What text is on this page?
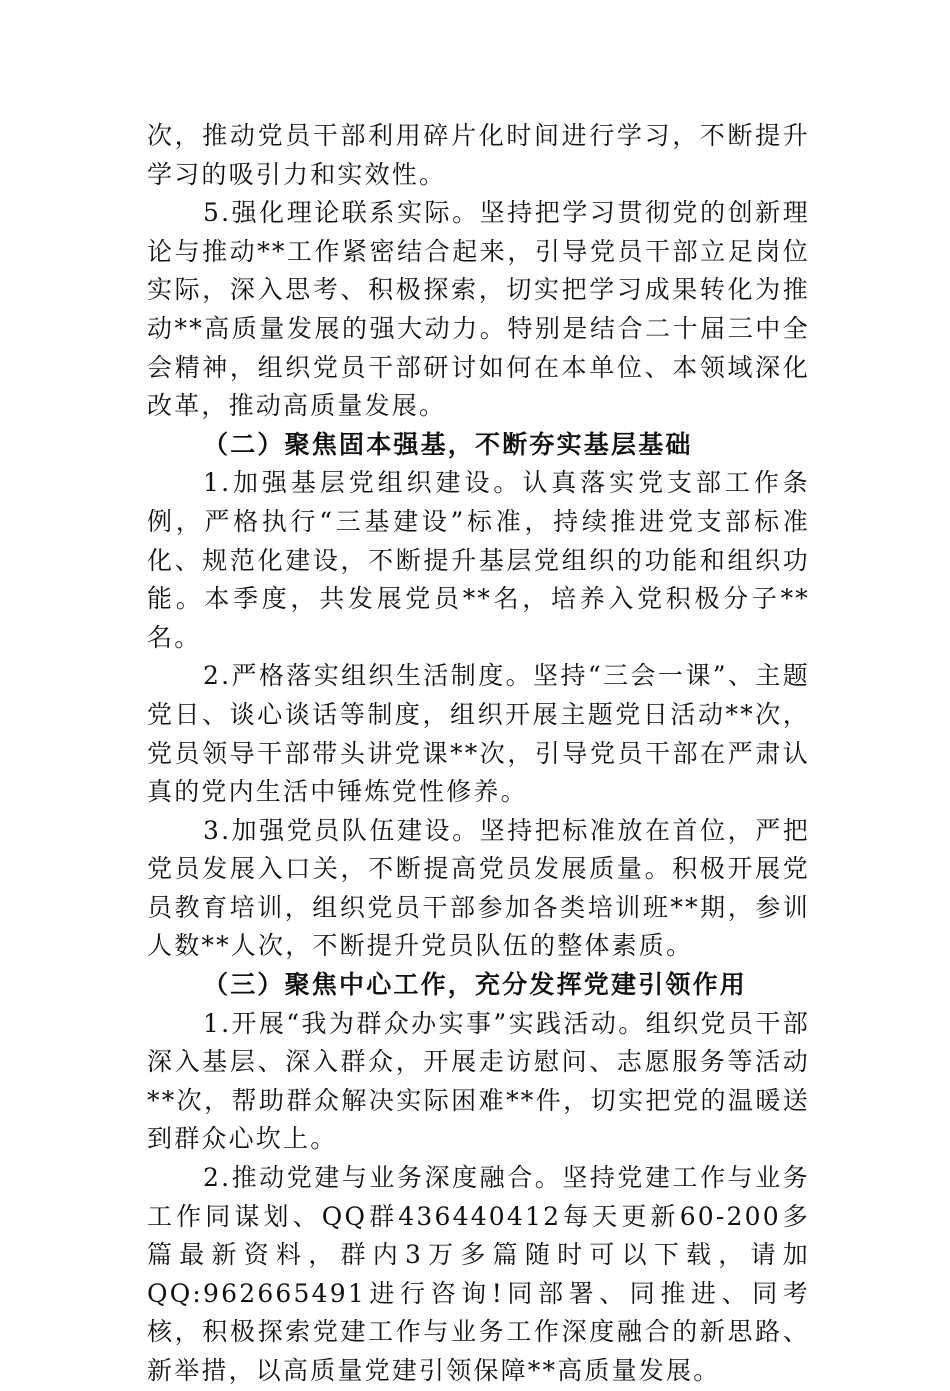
次，推动党员干部利用碎片化时间进行学习，不断提升学习的吸引力和实效性。

5.强化理论联系实际。坚持把学习贯彻党的创新理论与推动**工作紧密结合起来，引导党员干部立足岗位实际，深入思考、积极探索，切实把学习成果转化为推动**高质量发展的强大动力。特别是结合二十届三中全会精神，组织党员干部研讨如何在本单位、本领域深化改革，推动高质量发展。

（二）聚焦固本强基，不断夯实基层基础

1.加强基层党组织建设。认真落实党支部工作条例，严格执行“三基建设”标准，持续推进党支部标准化、规范化建设，不断提升基层党组织的功能和组织功能。本季度，共发展党员**名，培养入党积极分子**名。

2.严格落实组织生活制度。坚持“三会一课”、主题党日、谈心谈话等制度，组织开展主题党日活动**次，党员领导干部带头讲党课**次，引导党员干部在严肃认真的党内生活中锤炼党性修养。

3.加强党员队伍建设。坚持把标准放在首位，严把党员发展入口关，不断提高党员发展质量。积极开展党员教育培训，组织党员干部参加各类培训班**期，参训人数**人次，不断提升党员队伍的整体素质。

（三）聚焦中心工作，充分发挥党建引领作用

1.开展“我为群众办实事”实践活动。组织党员干部深入基层、深入群众，开展走访慰问、志愿服务等活动**次，帮助群众解决实际困难**件，切实把党的温暖送到群众心坎上。

2.推动党建与业务深度融合。坚持党建工作与业务工作同谋划、QQ群436440412每天更新60-200多篇最新资料，群内3万多篇随时可以下载，请加QQ:962665491进行咨询!同部署、同推进、同考核，积极探索党建工作与业务工作深度融合的新思路、新举措，以高质量党建引领保障**高质量发展。
